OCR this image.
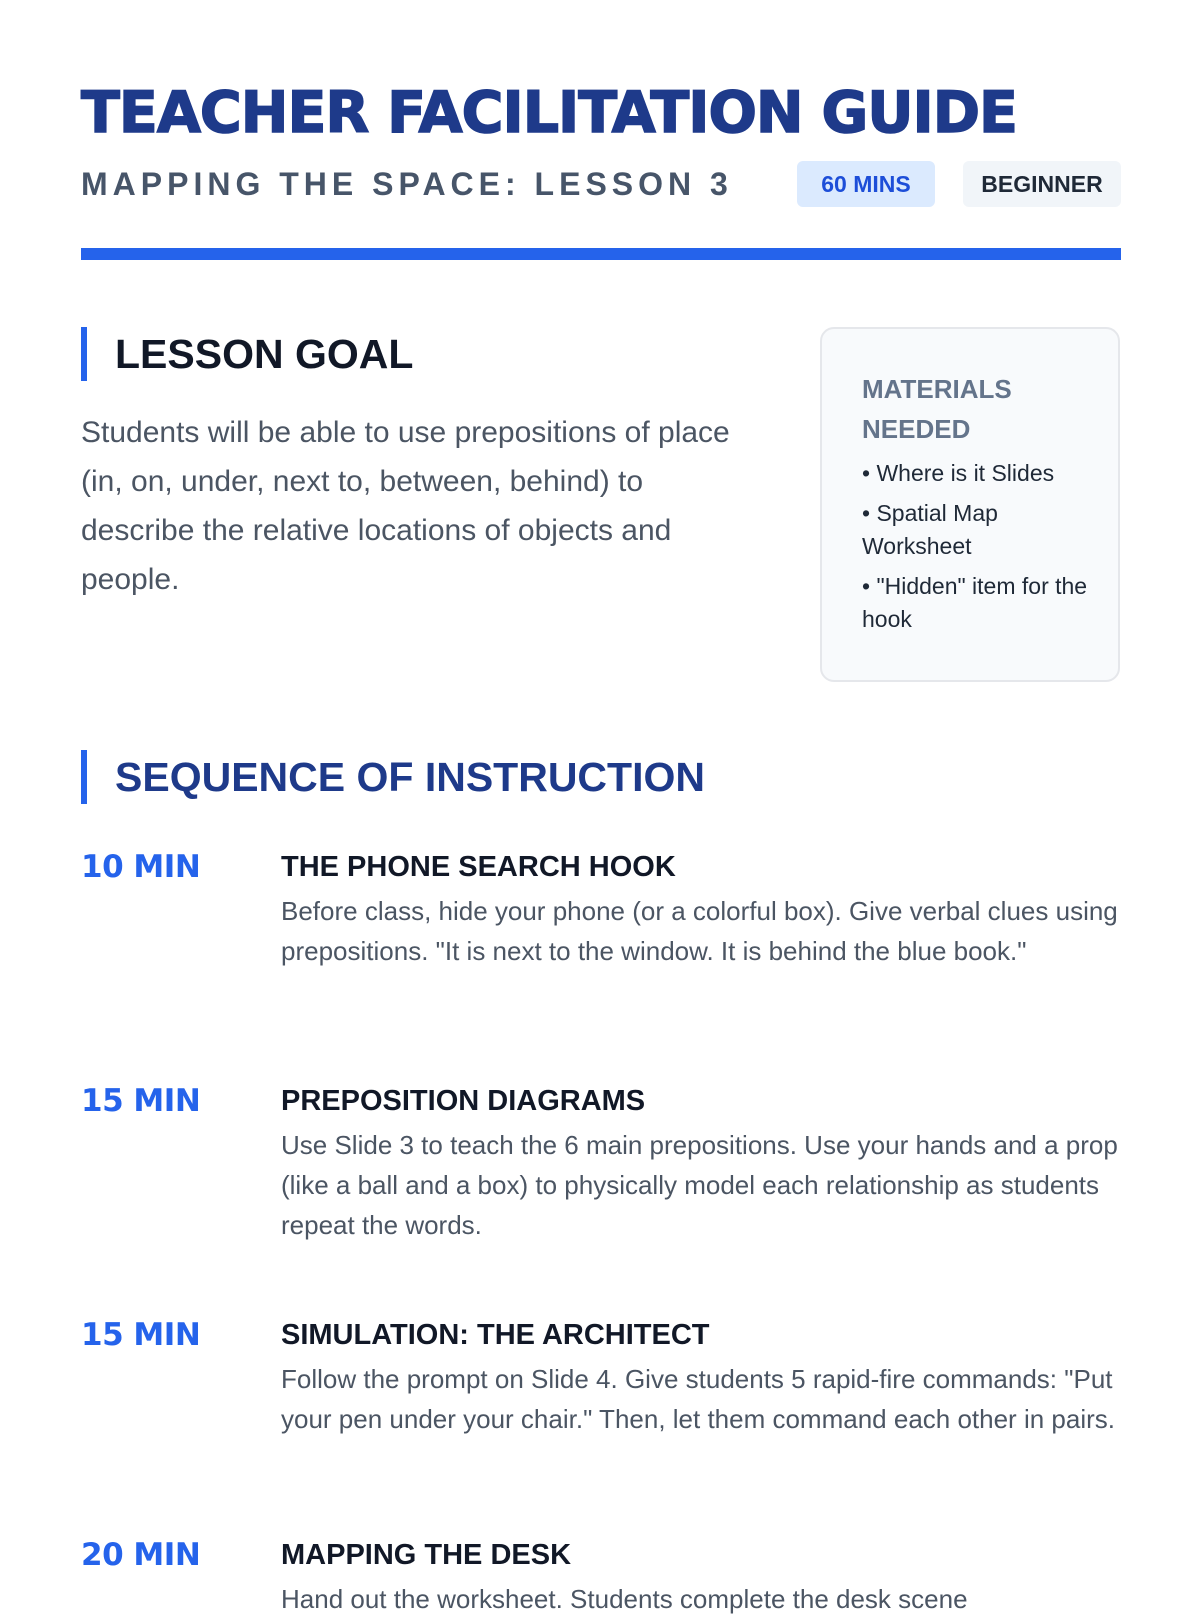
TEACHER FACILITATION GUIDE
MAPPING THE SPACE: LESSON 3	60 MINS	BEGINNER
LESSON GOAL
Students will be able to use prepositions of place (in, on, under, next to, between, behind) to describe the relative locations of objects and people.
MATERIALS NEEDED
• Where is it Slides
• Spatial Map Worksheet
• "Hidden" item for the hook
SEQUENCE OF INSTRUCTION
10 MIN	THE PHONE SEARCH HOOK
Before class, hide your phone (or a colorful box). Give verbal clues using prepositions. "It is next to the window. It is behind the blue book."
15 MIN	PREPOSITION DIAGRAMS
Use Slide 3 to teach the 6 main prepositions. Use your hands and a prop (like a ball and a box) to physically model each relationship as students repeat the words.
15 MIN	SIMULATION: THE ARCHITECT
Follow the prompt on Slide 4. Give students 5 rapid-fire commands: "Put your pen under your chair." Then, let them command each other in pairs.
20 MIN	MAPPING THE DESK
Hand out the worksheet. Students complete the desk scene
